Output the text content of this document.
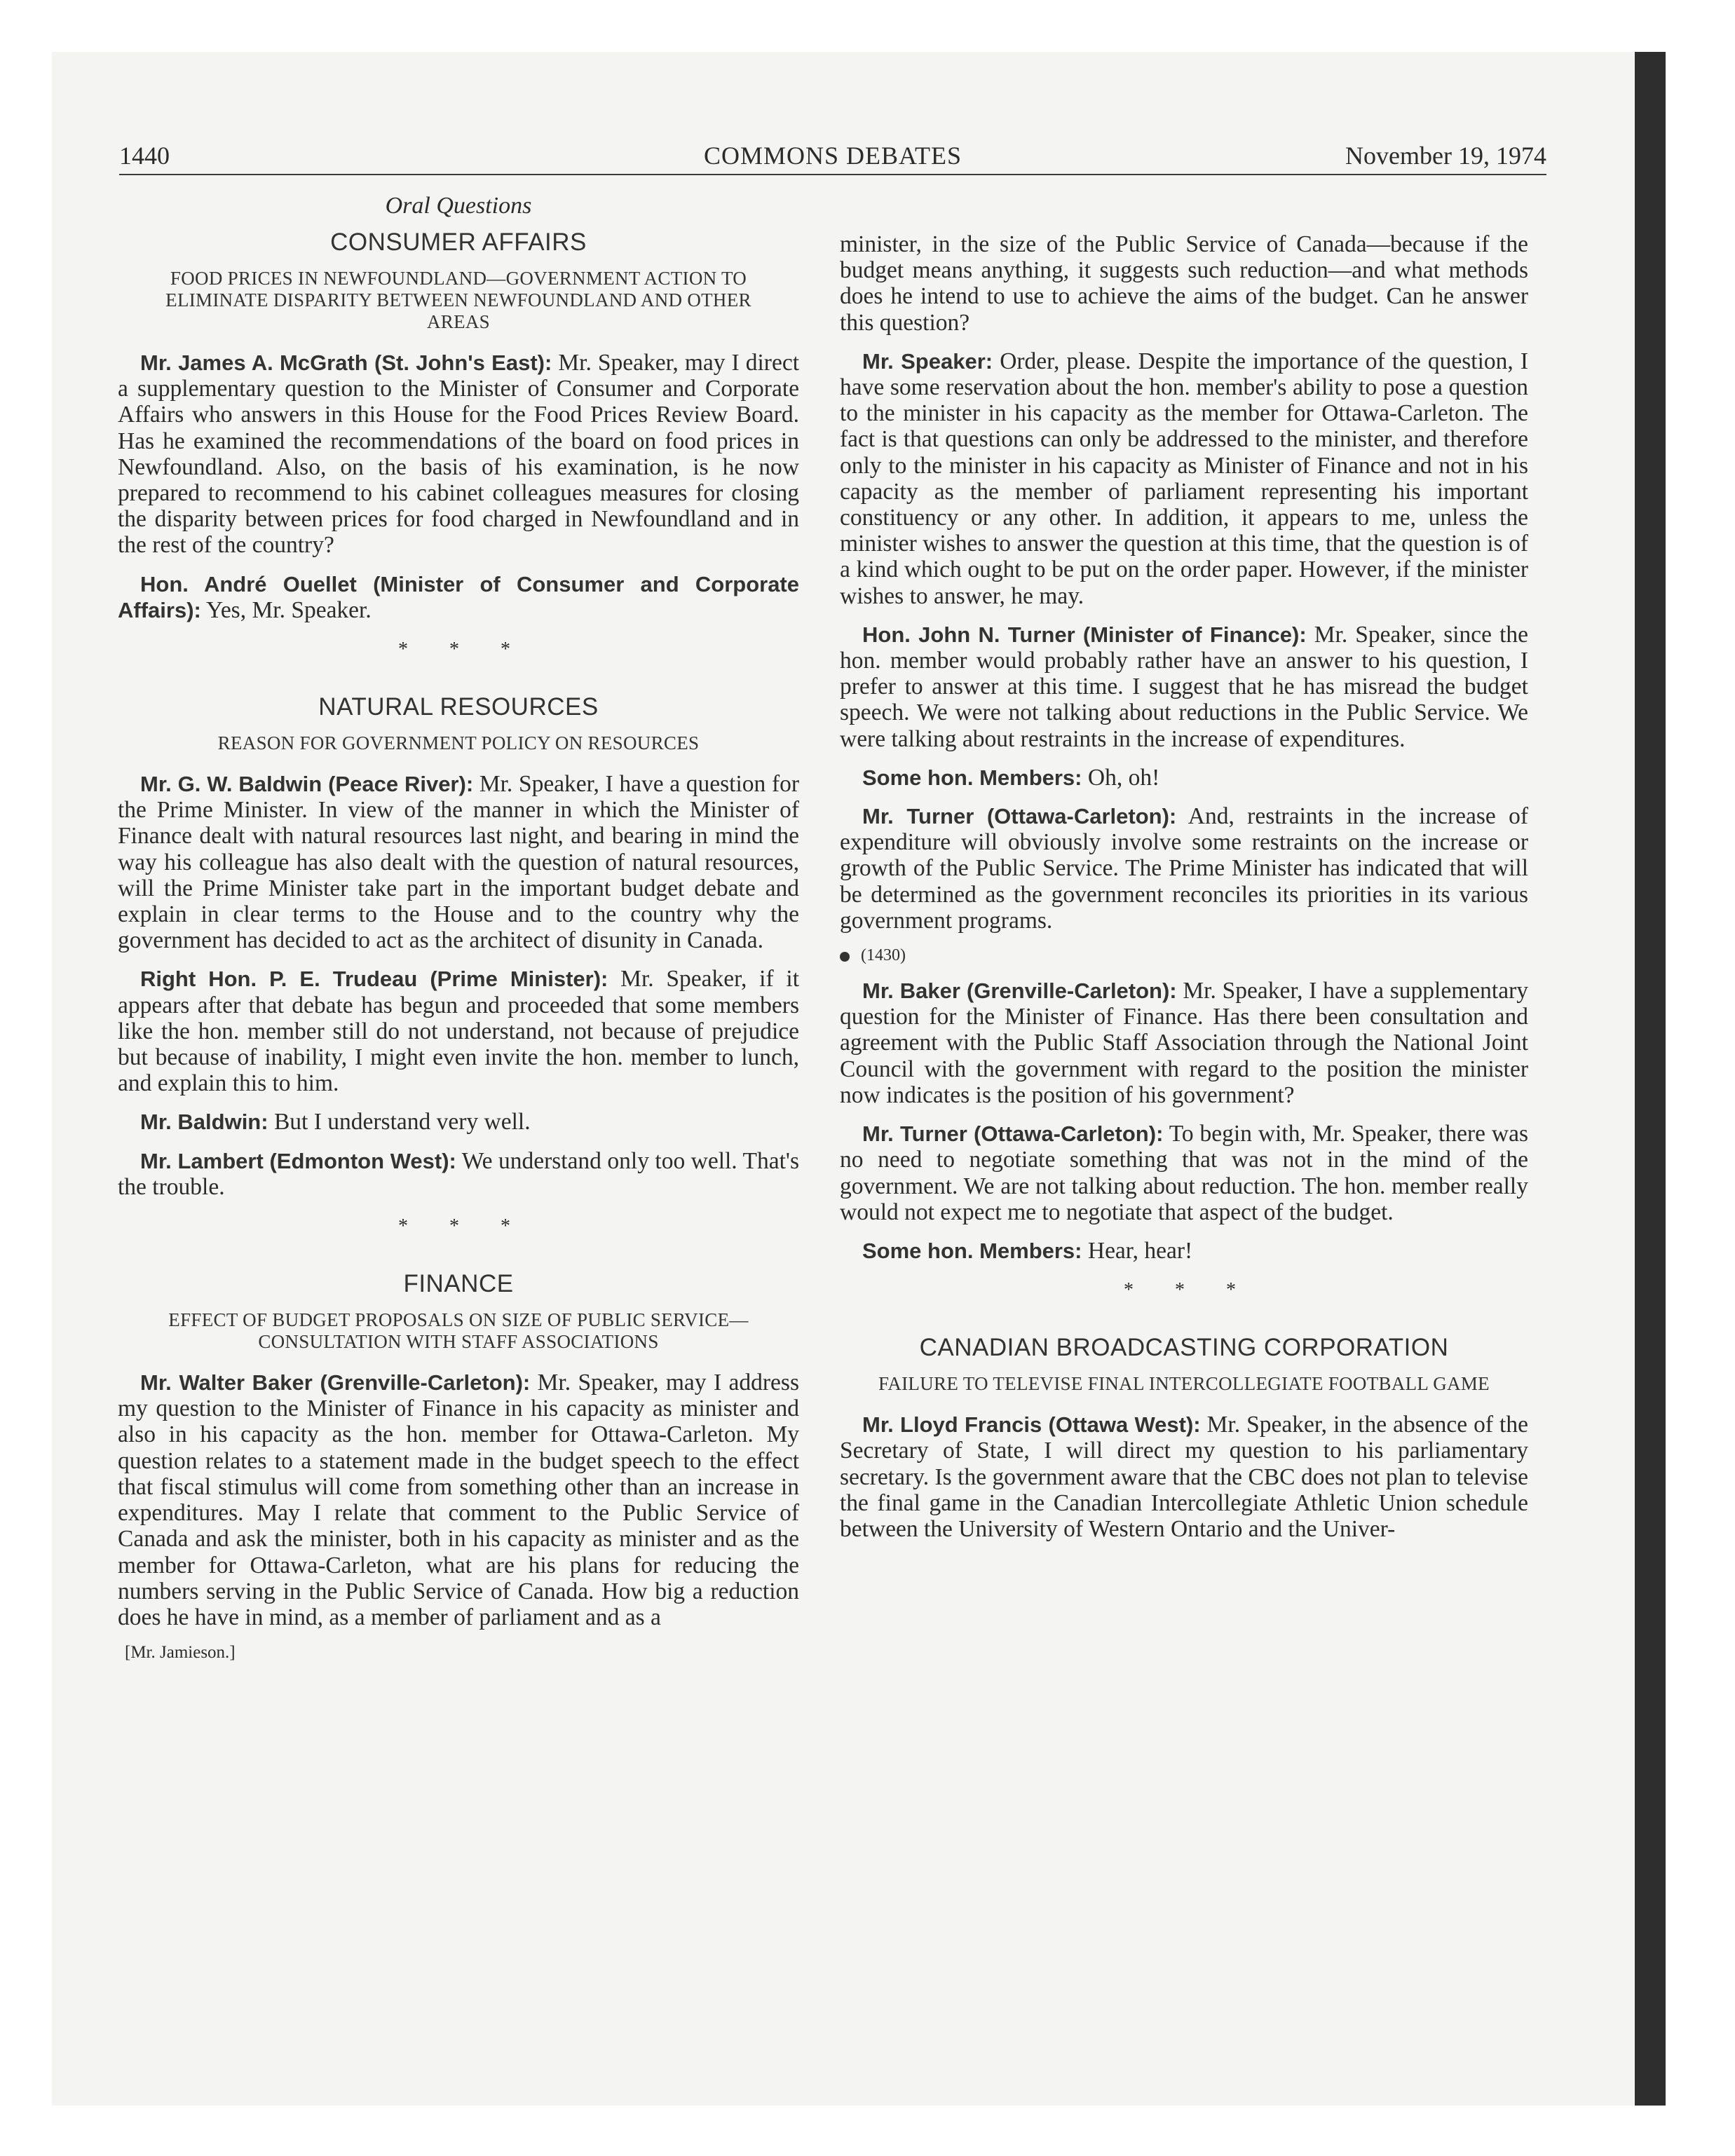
1440	COMMONS DEBATES	November 19, 1974
Oral Questions
CONSUMER AFFAIRS
FOOD PRICES IN NEWFOUNDLAND—GOVERNMENT ACTION TO ELIMINATE DISPARITY BETWEEN NEWFOUNDLAND AND OTHER AREAS

Mr. James A. McGrath (St. John's East): Mr. Speaker, may I direct a supplementary question to the Minister of Consumer and Corporate Affairs who answers in this House for the Food Prices Review Board. Has he examined the recommendations of the board on food prices in Newfoundland. Also, on the basis of his examination, is he now prepared to recommend to his cabinet colleagues measures for closing the disparity between prices for food charged in Newfoundland and in the rest of the country?

Hon. André Ouellet (Minister of Consumer and Corporate Affairs): Yes, Mr. Speaker.

* * *
NATURAL RESOURCES
REASON FOR GOVERNMENT POLICY ON RESOURCES

Mr. G. W. Baldwin (Peace River): Mr. Speaker, I have a question for the Prime Minister. In view of the manner in which the Minister of Finance dealt with natural resources last night, and bearing in mind the way his colleague has also dealt with the question of natural resources, will the Prime Minister take part in the important budget debate and explain in clear terms to the House and to the country why the government has decided to act as the architect of disunity in Canada.

Right Hon. P. E. Trudeau (Prime Minister): Mr. Speaker, if it appears after that debate has begun and proceeded that some members like the hon. member still do not understand, not because of prejudice but because of inability, I might even invite the hon. member to lunch, and explain this to him.

Mr. Baldwin: But I understand very well.

Mr. Lambert (Edmonton West): We understand only too well. That's the trouble.

* * *
FINANCE
EFFECT OF BUDGET PROPOSALS ON SIZE OF PUBLIC SERVICE—CONSULTATION WITH STAFF ASSOCIATIONS

Mr. Walter Baker (Grenville-Carleton): Mr. Speaker, may I address my question to the Minister of Finance in his capacity as minister and also in his capacity as the hon. member for Ottawa-Carleton. My question relates to a statement made in the budget speech to the effect that fiscal stimulus will come from something other than an increase in expenditures. May I relate that comment to the Public Service of Canada and ask the minister, both in his capacity as minister and as the member for Ottawa-Carleton, what are his plans for reducing the numbers serving in the Public Service of Canada. How big a reduction does he have in mind, as a member of parliament and as a

[Mr. Jamieson.]

minister, in the size of the Public Service of Canada—because if the budget means anything, it suggests such reduction—and what methods does he intend to use to achieve the aims of the budget. Can he answer this question?

Mr. Speaker: Order, please. Despite the importance of the question, I have some reservation about the hon. member's ability to pose a question to the minister in his capacity as the member for Ottawa-Carleton. The fact is that questions can only be addressed to the minister, and therefore only to the minister in his capacity as Minister of Finance and not in his capacity as the member of parliament representing his important constituency or any other. In addition, it appears to me, unless the minister wishes to answer the question at this time, that the question is of a kind which ought to be put on the order paper. However, if the minister wishes to answer, he may.

Hon. John N. Turner (Minister of Finance): Mr. Speaker, since the hon. member would probably rather have an answer to his question, I prefer to answer at this time. I suggest that he has misread the budget speech. We were not talking about reductions in the Public Service. We were talking about restraints in the increase of expenditures.

Some hon. Members: Oh, oh!

Mr. Turner (Ottawa-Carleton): And, restraints in the increase of expenditure will obviously involve some restraints on the increase or growth of the Public Service. The Prime Minister has indicated that will be determined as the government reconciles its priorities in its various government programs.

(1430)

Mr. Baker (Grenville-Carleton): Mr. Speaker, I have a supplementary question for the Minister of Finance. Has there been consultation and agreement with the Public Staff Association through the National Joint Council with the government with regard to the position the minister now indicates is the position of his government?

Mr. Turner (Ottawa-Carleton): To begin with, Mr. Speaker, there was no need to negotiate something that was not in the mind of the government. We are not talking about reduction. The hon. member really would not expect me to negotiate that aspect of the budget.

Some hon. Members: Hear, hear!

* * *
CANADIAN BROADCASTING CORPORATION
FAILURE TO TELEVISE FINAL INTERCOLLEGIATE FOOTBALL GAME

Mr. Lloyd Francis (Ottawa West): Mr. Speaker, in the absence of the Secretary of State, I will direct my question to his parliamentary secretary. Is the government aware that the CBC does not plan to televise the final game in the Canadian Intercollegiate Athletic Union schedule between the University of Western Ontario and the Univer-
